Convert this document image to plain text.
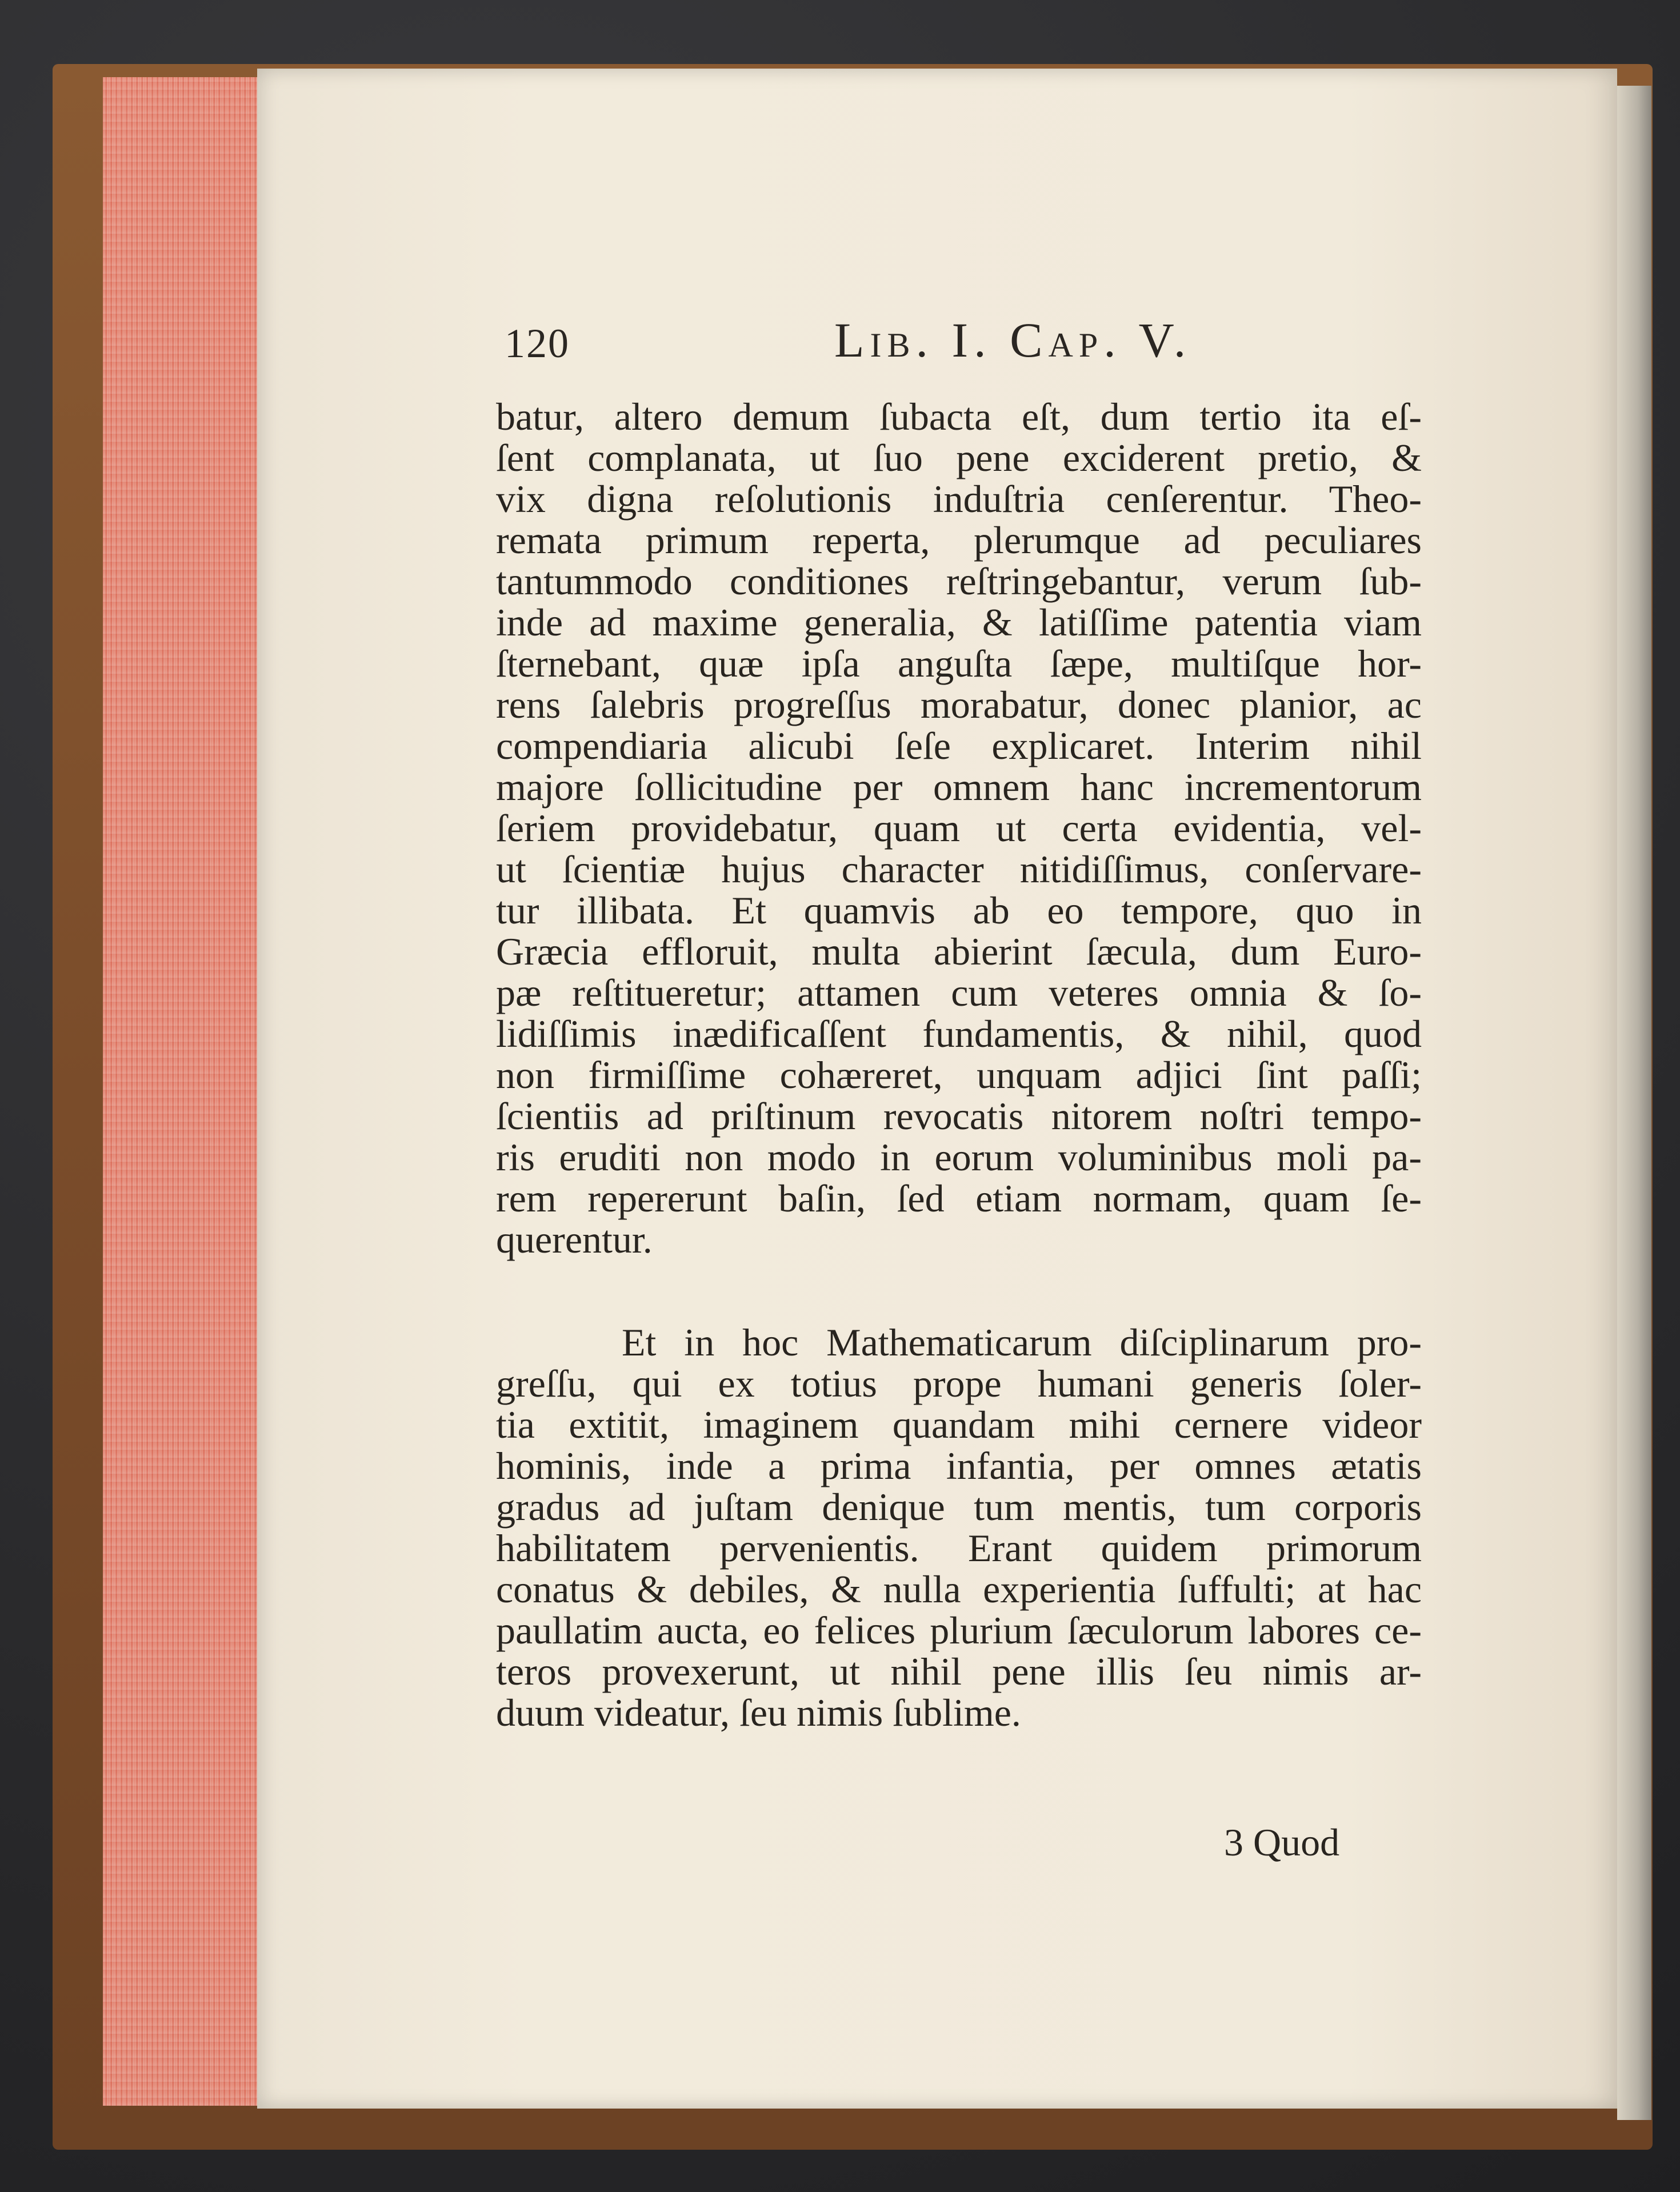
120	Lib. I. Cap. V.
batur, altero demum ſubacta eſt, dum tertio ita eſ-
ſent complanata, ut ſuo pene exciderent pretio, &
vix digna reſolutionis induſtria cenſerentur. Theo-
remata primum reperta, plerumque ad peculiares
tantummodo conditiones reſtringebantur, verum ſub-
inde ad maxime generalia, & latiſſime patentia viam
ſternebant, quæ ipſa anguſta ſæpe, multiſque hor-
rens ſalebris progreſſus morabatur, donec planior, ac
compendiaria alicubi ſeſe explicaret. Interim nihil
majore ſollicitudine per omnem hanc incrementorum
ſeriem providebatur, quam ut certa evidentia, vel-
ut ſcientiæ hujus character nitidiſſimus, conſervare-
tur illibata. Et quamvis ab eo tempore, quo in
Græcia effloruit, multa abierint ſæcula, dum Euro-
pæ reſtitueretur; attamen cum veteres omnia & ſo-
lidiſſimis inædificaſſent fundamentis, & nihil, quod
non firmiſſime cohæreret, unquam adjici ſint paſſi;
ſcientiis ad priſtinum revocatis nitorem noſtri tempo-
ris eruditi non modo in eorum voluminibus moli pa-
rem repererunt baſin, ſed etiam normam, quam ſe-
querentur.
Et in hoc Mathematicarum diſciplinarum pro-
greſſu, qui ex totius prope humani generis ſoler-
tia extitit, imaginem quandam mihi cernere videor
hominis, inde a prima infantia, per omnes ætatis
gradus ad juſtam denique tum mentis, tum corporis
habilitatem pervenientis. Erant quidem primorum
conatus & debiles, & nulla experientia ſuffulti; at hac
paullatim aucta, eo felices plurium ſæculorum labores ce-
teros provexerunt, ut nihil pene illis ſeu nimis ar-
duum videatur, ſeu nimis ſublime.
3 Quod
